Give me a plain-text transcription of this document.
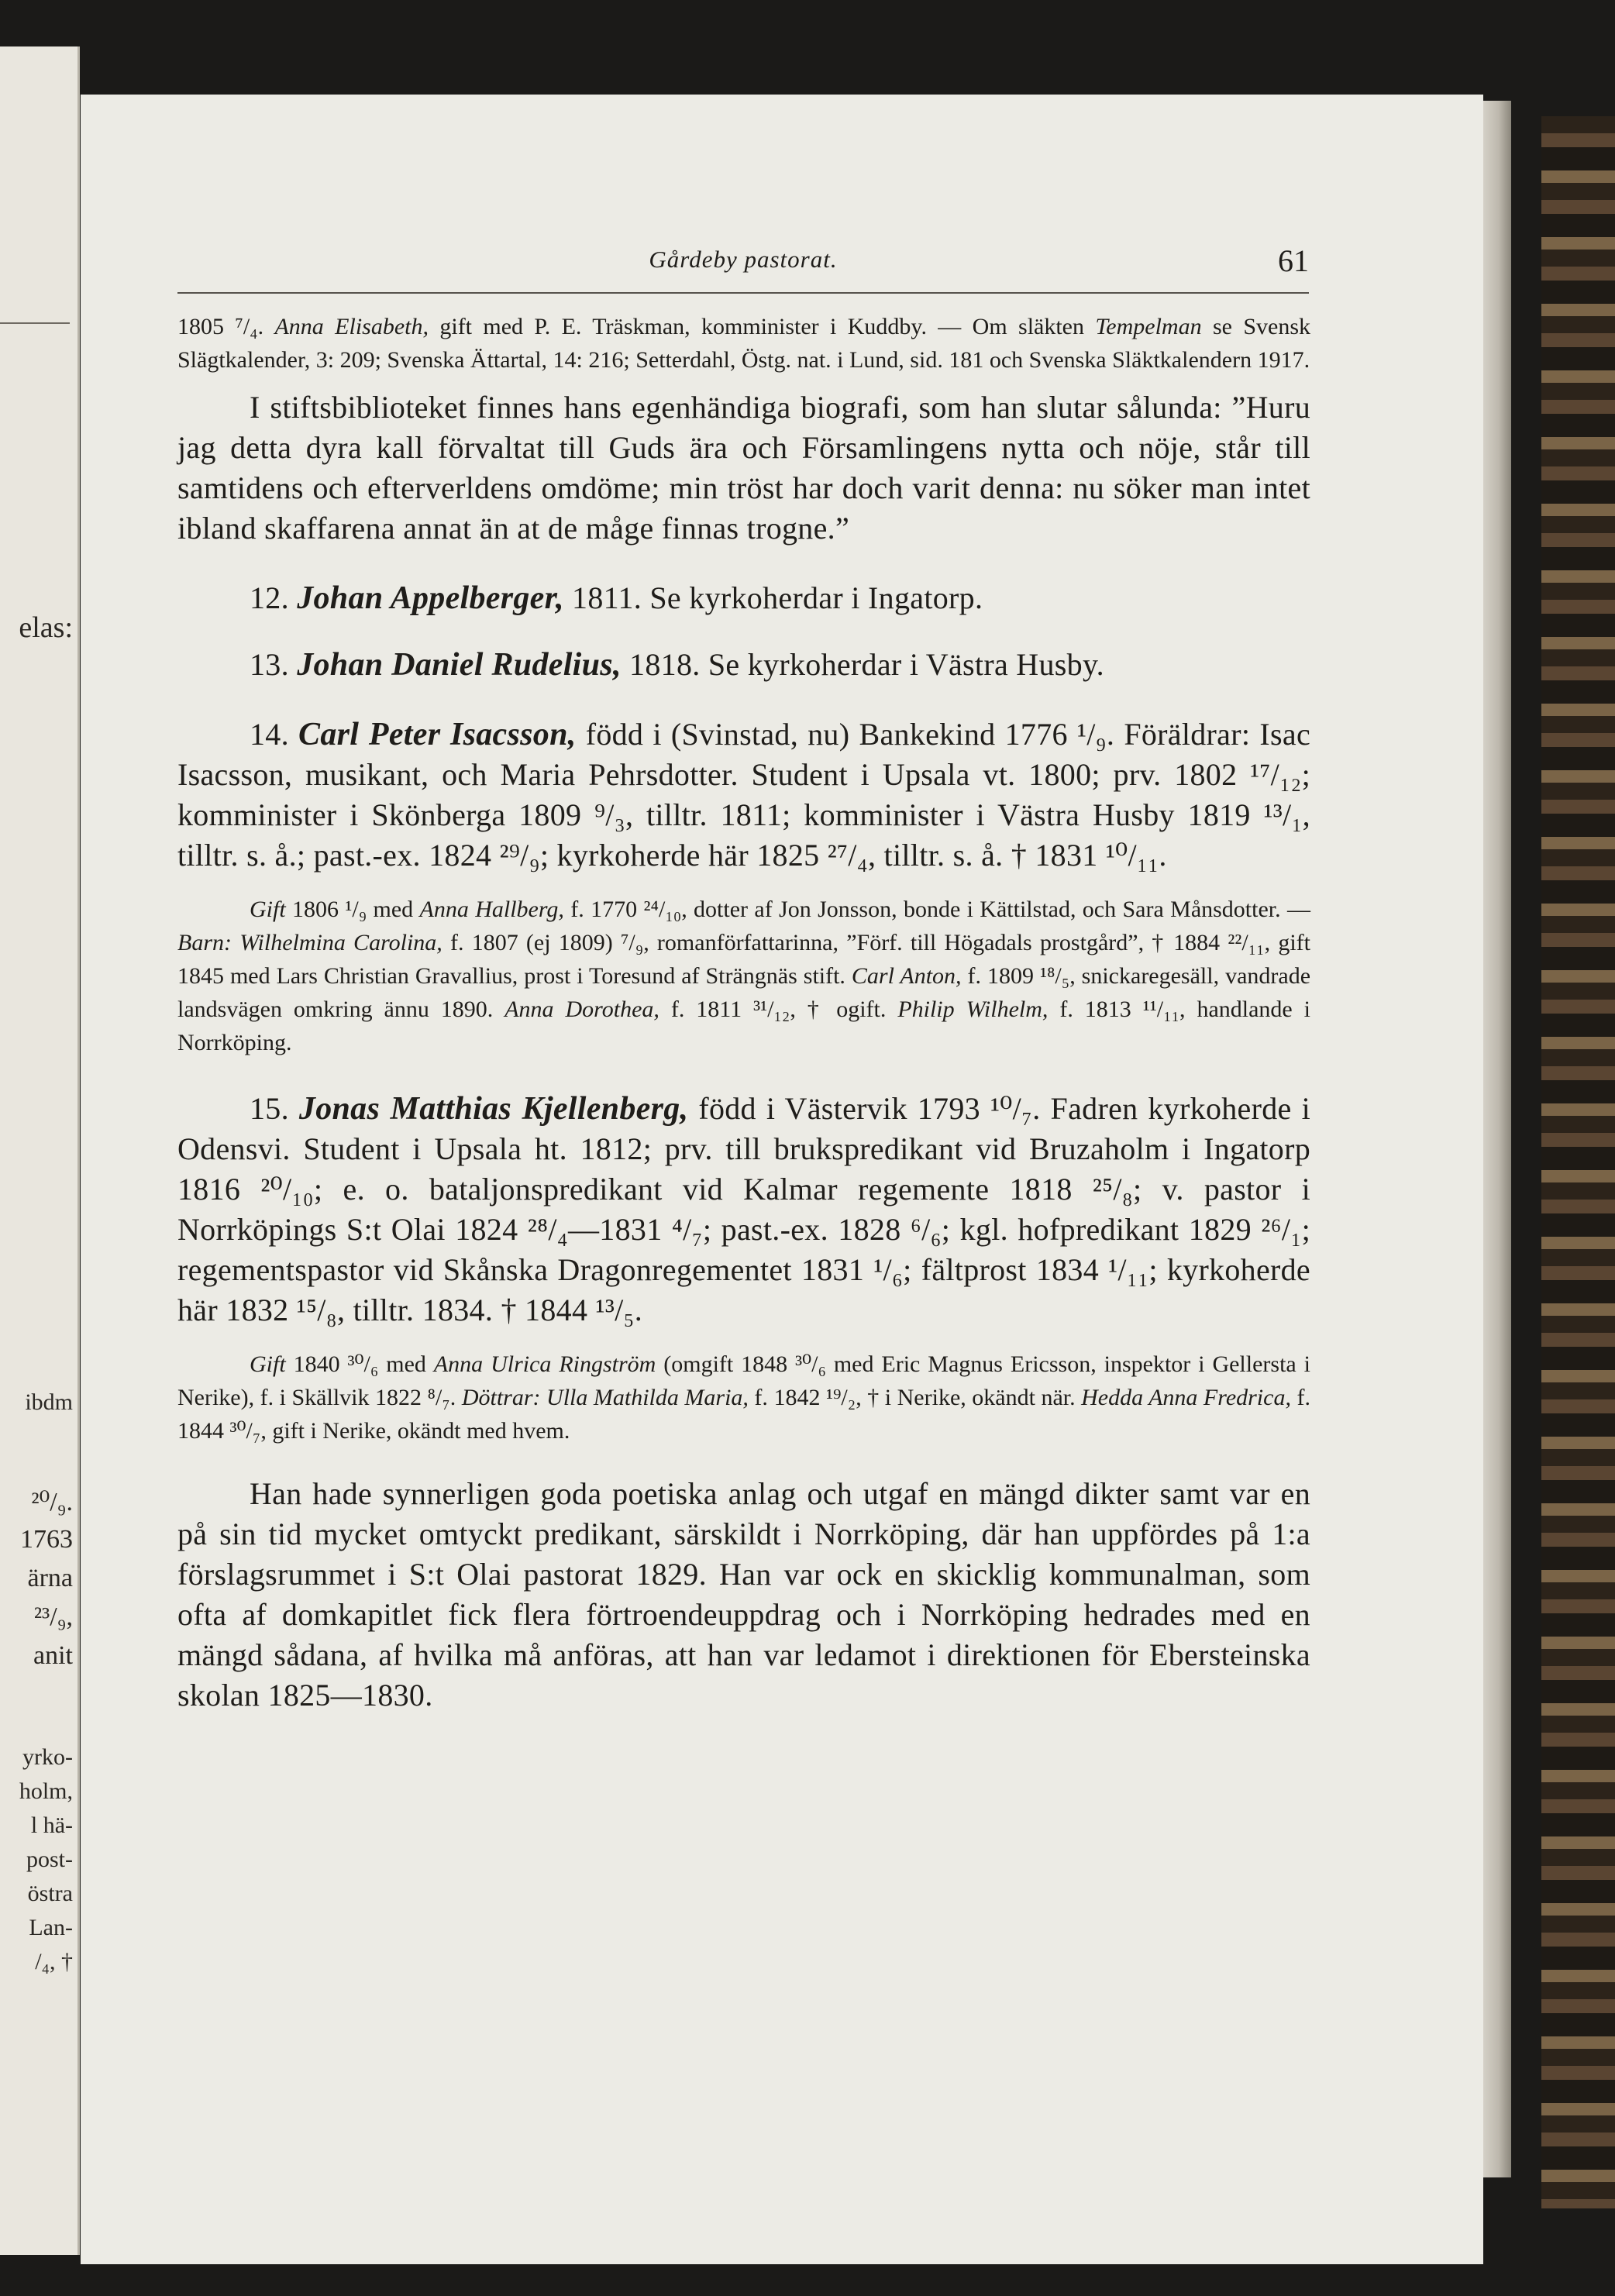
elas:
ibdm
²⁰/₉.
1763
ärna
²³/₉,
anit
yrko-
holm,
l hä-
post-
östra
Lan-
/₄, †
Gårdeby pastorat.	61

1805 ⁷/₄. Anna Elisabeth, gift med P. E. Träskman, komminister i Kuddby. — Om släkten Tempelman se Svensk Slägtkalender, 3: 209; Svenska Ättartal, 14: 216; Setterdahl, Östg. nat. i Lund, sid. 181 och Svenska Släktkalendern 1917.

I stiftsbiblioteket finnes hans egenhändiga biografi, som han slutar sålunda: ”Huru jag detta dyra kall förvaltat till Guds ära och Församlingens nytta och nöje, står till samtidens och efterverldens omdöme; min tröst har doch varit denna: nu söker man intet ibland skaffarena annat än at de måge finnas trogne.”

12. Johan Appelberger, 1811. Se kyrkoherdar i Ingatorp.

13. Johan Daniel Rudelius, 1818. Se kyrkoherdar i Västra Husby.

14. Carl Peter Isacsson, född i (Svinstad, nu) Bankekind 1776 ¹/₉. Föräldrar: Isac Isacsson, musikant, och Maria Pehrsdotter. Student i Upsala vt. 1800; prv. 1802 ¹⁷/₁₂; komminister i Skönberga 1809 ⁹/₃, tilltr. 1811; komminister i Västra Husby 1819 ¹³/₁, tilltr. s. å.; past.-ex. 1824 ²⁹/₉; kyrkoherde här 1825 ²⁷/₄, tilltr. s. å. † 1831 ¹⁰/₁₁.

Gift 1806 ¹/₉ med Anna Hallberg, f. 1770 ²⁴/₁₀, dotter af Jon Jonsson, bonde i Kättilstad, och Sara Månsdotter. — Barn: Wilhelmina Carolina, f. 1807 (ej 1809) ⁷/₉, romanförfattarinna, ”Förf. till Högadals prostgård”, † 1884 ²²/₁₁, gift 1845 med Lars Christian Gravallius, prost i Toresund af Strängnäs stift. Carl Anton, f. 1809 ¹⁸/₅, snickaregesäll, vandrade landsvägen omkring ännu 1890. Anna Dorothea, f. 1811 ³¹/₁₂, † ogift. Philip Wilhelm, f. 1813 ¹¹/₁₁, handlande i Norrköping.

15. Jonas Matthias Kjellenberg, född i Västervik 1793 ¹⁰/₇. Fadren kyrkoherde i Odensvi. Student i Upsala ht. 1812; prv. till brukspredikant vid Bruzaholm i Ingatorp 1816 ²⁰/₁₀; e. o. bataljonspredikant vid Kalmar regemente 1818 ²⁵/₈; v. pastor i Norrköpings S:t Olai 1824 ²⁸/₄—1831 ⁴/₇; past.-ex. 1828 ⁶/₆; kgl. hofpredikant 1829 ²⁶/₁; regementspastor vid Skånska Dragonregementet 1831 ¹/₆; fältprost 1834 ¹/₁₁; kyrkoherde här 1832 ¹⁵/₈, tilltr. 1834. † 1844 ¹³/₅.

Gift 1840 ³⁰/₆ med Anna Ulrica Ringström (omgift 1848 ³⁰/₆ med Eric Magnus Ericsson, inspektor i Gellersta i Nerike), f. i Skällvik 1822 ⁸/₇. Döttrar: Ulla Mathilda Maria, f. 1842 ¹⁹/₂, † i Nerike, okändt när. Hedda Anna Fredrica, f. 1844 ³⁰/₇, gift i Nerike, okändt med hvem.

Han hade synnerligen goda poetiska anlag och utgaf en mängd dikter samt var en på sin tid mycket omtyckt predikant, särskildt i Norrköping, där han uppfördes på 1:a förslagsrummet i S:t Olai pastorat 1829. Han var ock en skicklig kommunalman, som ofta af domkapitlet fick flera förtroendeuppdrag och i Norrköping hedrades med en mängd sådana, af hvilka må anföras, att han var ledamot i direktionen för Ebersteinska skolan 1825—1830.
